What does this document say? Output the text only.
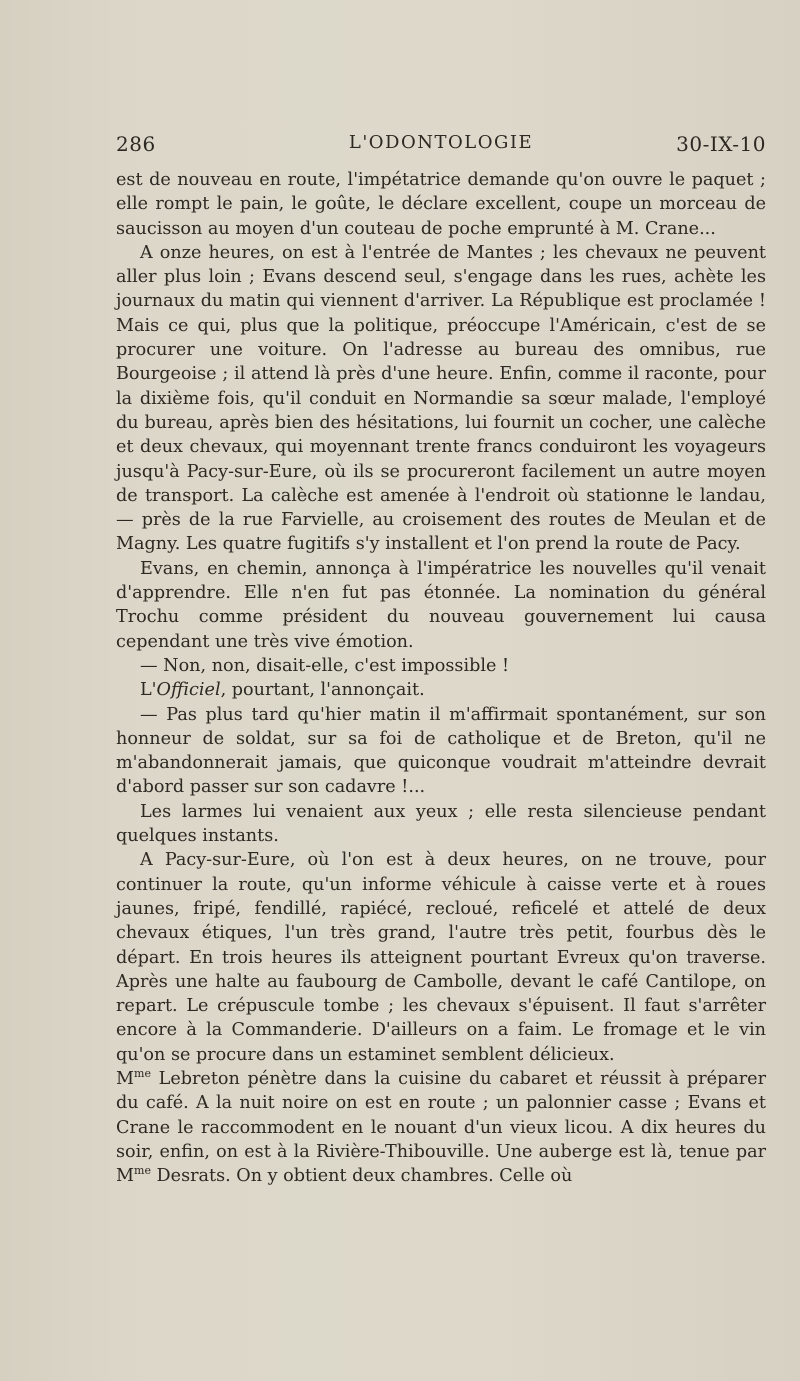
286	L'ODONTOLOGIE	30-IX-10

est de nouveau en route, l'impétatrice demande qu'on ouvre le paquet ; elle rompt le pain, le goûte, le déclare excellent, coupe un morceau de saucisson au moyen d'un couteau de poche emprunté à M. Crane...

A onze heures, on est à l'entrée de Mantes ; les chevaux ne peuvent aller plus loin ; Evans descend seul, s'engage dans les rues, achète les journaux du matin qui viennent d'arriver. La République est proclamée ! Mais ce qui, plus que la politique, préoccupe l'Américain, c'est de se procurer une voiture. On l'adresse au bureau des omnibus, rue Bourgeoise ; il attend là près d'une heure. Enfin, comme il raconte, pour la dixième fois, qu'il conduit en Normandie sa sœur malade, l'employé du bureau, après bien des hésitations, lui fournit un cocher, une calèche et deux chevaux, qui moyennant trente francs conduiront les voyageurs jusqu'à Pacy-sur-Eure, où ils se procureront facilement un autre moyen de transport. La calèche est amenée à l'endroit où stationne le landau, — près de la rue Farvielle, au croisement des routes de Meulan et de Magny. Les quatre fugitifs s'y installent et l'on prend la route de Pacy.

Evans, en chemin, annonça à l'impératrice les nouvelles qu'il venait d'apprendre. Elle n'en fut pas étonnée. La nomination du général Trochu comme président du nouveau gouvernement lui causa cependant une très vive émotion.

— Non, non, disait-elle, c'est impossible !

L'Officiel, pourtant, l'annonçait.

— Pas plus tard qu'hier matin il m'affirmait spontanément, sur son honneur de soldat, sur sa foi de catholique et de Breton, qu'il ne m'abandonnerait jamais, que quiconque voudrait m'atteindre devrait d'abord passer sur son cadavre !...

Les larmes lui venaient aux yeux ; elle resta silencieuse pendant quelques instants.

A Pacy-sur-Eure, où l'on est à deux heures, on ne trouve, pour continuer la route, qu'un informe véhicule à caisse verte et à roues jaunes, fripé, fendillé, rapiécé, recloué, reficelé et attelé de deux chevaux étiques, l'un très grand, l'autre très petit, fourbus dès le départ. En trois heures ils atteignent pourtant Evreux qu'on traverse. Après une halte au faubourg de Cambolle, devant le café Cantilope, on repart. Le crépuscule tombe ; les chevaux s'épuisent. Il faut s'arrêter encore à la Commanderie. D'ailleurs on a faim. Le fromage et le vin qu'on se procure dans un estaminet semblent délicieux.

$M^{me}$ Lebreton pénètre dans la cuisine du cabaret et réussit à préparer du café. A la nuit noire on est en route ; un palonnier casse ; Evans et Crane le raccommodent en le nouant d'un vieux licou. A dix heures du soir, enfin, on est à la Rivière-Thibouville. Une auberge est là, tenue par $M^{me}$ Desrats. On y obtient deux chambres. Celle où
